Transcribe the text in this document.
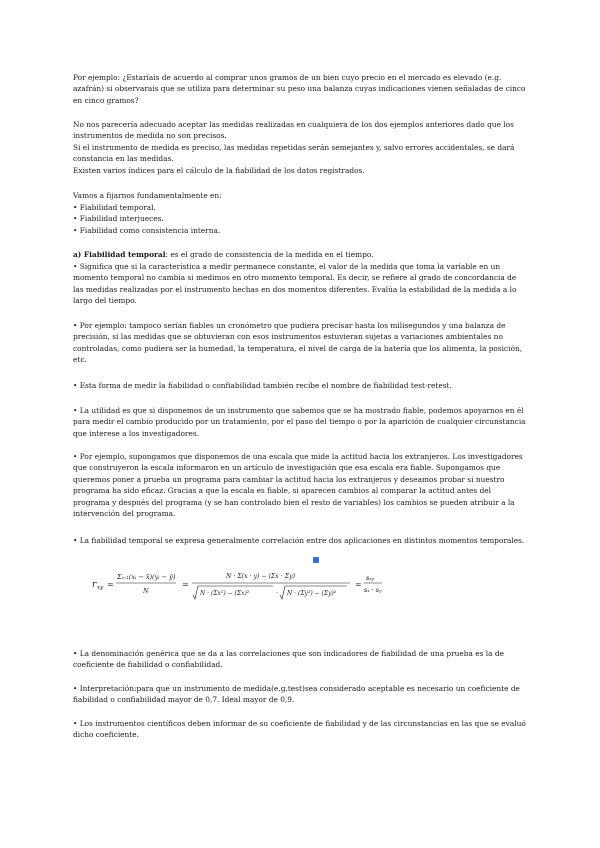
Por ejemplo: ¿Estaríais de acuerdo al comprar unos gramos de un bien cuyo precio en el mercado es elevado (e.g. azafrán) si observarais que se utiliza para determinar su peso una balanza cuyas indicaciones vienen señaladas de cinco en cinco gramos?

No nos parecería adecuado aceptar las medidas realizadas en cualquiera de los dos ejemplos anteriores dado que los instrumentos de medida no son precisos.

Si el instrumento de medida es preciso, las medidas repetidas serán semejantes y, salvo errores accidentales, se dará constancia en las medidas.

Existen varios índices para el cálculo de la fiabilidad de los datos registrados.

Vamos a fijarnos fundamentalmente en:

• Fiabilidad temporal.

• Fiabilidad interjueces.

• Fiabilidad como consistencia interna.

a) Fiabilidad temporal: es el grado de consistencia de la medida en el tiempo.

• Significa que si la característica a medir permanece constante, el valor de la medida que toma la variable en un momento temporal no cambia si medimos en otro momento temporal. Es decir, se refiere al grado de concordancia de las medidas realizadas por el instrumento hechas en dos momentos diferentes. Evalúa la estabilidad de la medida a lo largo del tiempo.

• Por ejemplo: tampoco serían fiables un cronómetro que pudiera precisar hasta los milisegundos y una balanza de precisión, si las medidas que se obtuvieran con esos instrumentos estuvieran sujetas a variaciones ambientales no controladas, como pudiera ser la humedad, la temperatura, el nivel de carga de la batería que los alimenta, la posición, etc.

• Esta forma de medir la fiabilidad o confiabilidad también recibe el nombre de fiabilidad test-retest.

• La utilidad es que si disponemos de un instrumento que sabemos que se ha mostrado fiable, podemos apoyarnos en él para medir el cambio producido por un tratamiento, por el paso del tiempo o por la aparición de cualquier circunstancia que interese a los investigadores.

• Por ejemplo, supongamos que disponemos de una escala que mide la actitud hacia los extranjeros. Los investigadores que construyeron la escala informaron en un artículo de investigación que esa escala era fiable. Supongamos que queremos poner a prueba un programa para cambiar la actitud hacia los extranjeros y deseamos probar si nuestro programa ha sido eficaz. Gracias a que la escala es fiable, si aparecen cambios al comparar la actitud antes del programa y después del programa (y se han controlado bien el resto de variables) los cambios se pueden atribuir a la intervención del programa.

• La fiabilidad temporal se expresa generalmente correlación entre dos aplicaciones en distintos momentos temporales.

r xy =
Σi=1(xi − x̄)(yi − ȳ)
N
=
N · Σ(x · y) − (Σx · Σy)
N · (Σx²) − (Σx)²	· N · (Σy²) − (Σy)²
=
sxy
sx · sy

• La denominación genérica que se da a las correlaciones que son indicadores de fiabilidad de una prueba es la de coeficiente de fiabilidad o confiabilidad.

• Interpretación:para que un instrumento de medida(e.g.test)sea considerado aceptable es necesario un coeficiente de fiabilidad o confiabilidad mayor de 0,7. Ideal mayor de 0,9.

• Los instrumentos científicos deben informar de su coeficiente de fiabilidad y de las circunstancias en las que se evaluó dicho coeficiente.
